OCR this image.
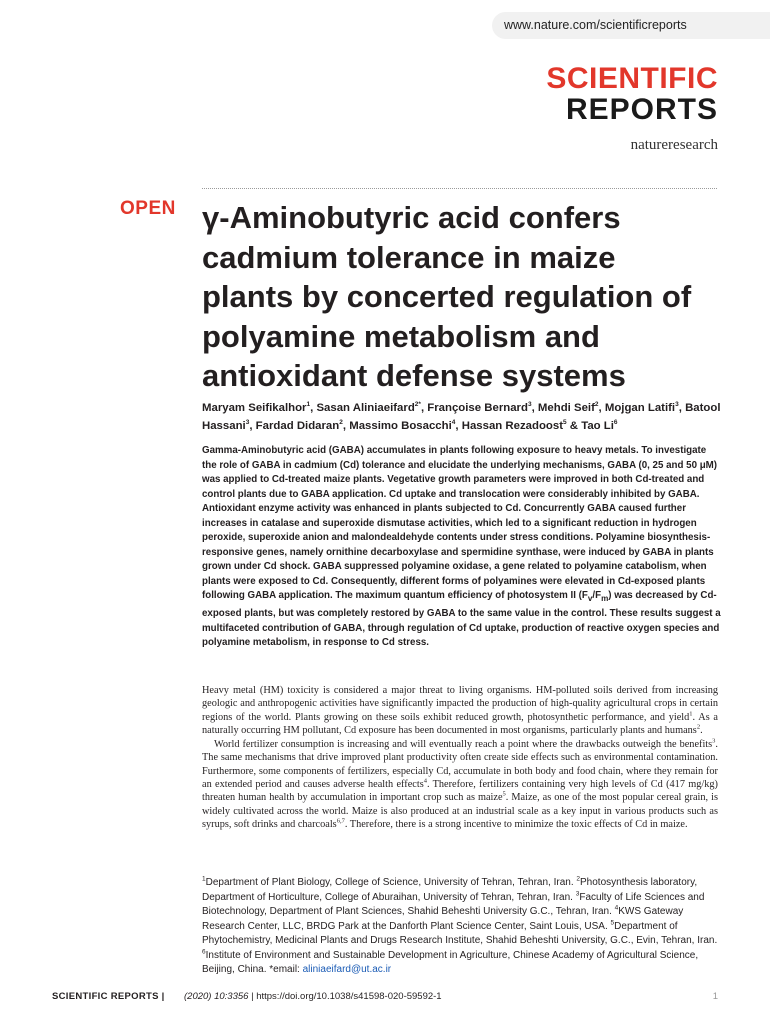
www.nature.com/scientificreports
SCIENTIFIC
REPORTS
natureresearch
OPEN γ-Aminobutyric acid confers cadmium tolerance in maize plants by concerted regulation of polyamine metabolism and antioxidant defense systems
Maryam Seifikalhor$^1$, Sasan Aliniaeifard$^{2*}$, Françoise Bernard$^3$, Mehdi Seif$^2$, Mojgan Latifi$^3$, Batool Hassani$^3$, Fardad Didaran$^2$, Massimo Bosacchi$^4$, Hassan Rezadoost$^5$ & Tao Li$^6$

Gamma-Aminobutyric acid (GABA) accumulates in plants following exposure to heavy metals. To investigate the role of GABA in cadmium (Cd) tolerance and elucidate the underlying mechanisms, GABA (0, 25 and 50 μM) was applied to Cd-treated maize plants. Vegetative growth parameters were improved in both Cd-treated and control plants due to GABA application. Cd uptake and translocation were considerably inhibited by GABA. Antioxidant enzyme activity was enhanced in plants subjected to Cd. Concurrently GABA caused further increases in catalase and superoxide dismutase activities, which led to a significant reduction in hydrogen peroxide, superoxide anion and malondealdehyde contents under stress conditions. Polyamine biosynthesis-responsive genes, namely ornithine decarboxylase and spermidine synthase, were induced by GABA in plants grown under Cd shock. GABA suppressed polyamine oxidase, a gene related to polyamine catabolism, when plants were exposed to Cd. Consequently, different forms of polyamines were elevated in Cd-exposed plants following GABA application. The maximum quantum efficiency of photosystem II $(F_v/F_m)$ was decreased by Cd-exposed plants, but was completely restored by GABA to the same value in the control. These results suggest a multifaceted contribution of GABA, through regulation of Cd uptake, production of reactive oxygen species and polyamine metabolism, in response to Cd stress.

Heavy metal (HM) toxicity is considered a major threat to living organisms. HM-polluted soils derived from increasing geologic and anthropogenic activities have significantly impacted the production of high-quality agricultural crops in certain regions of the world. Plants growing on these soils exhibit reduced growth, photosynthetic performance, and yield$^1$. As a naturally occurring HM pollutant, Cd exposure has been documented in most organisms, particularly plants and humans$^2$.

World fertilizer consumption is increasing and will eventually reach a point where the drawbacks outweigh the benefits$^3$. The same mechanisms that drive improved plant productivity often create side effects such as environmental contamination. Furthermore, some components of fertilizers, especially Cd, accumulate in both body and food chain, where they remain for an extended period and causes adverse health effects$^4$. Therefore, fertilizers containing very high levels of Cd (417 mg/kg) threaten human health by accumulation in important crop such as maize$^5$. Maize, as one of the most popular cereal grain, is widely cultivated across the world. Maize is also produced at an industrial scale as a key input in various products such as syrups, soft drinks and charcoals$^{6,7}$. Therefore, there is a strong incentive to minimize the toxic effects of Cd in maize.

$^1$Department of Plant Biology, College of Science, University of Tehran, Tehran, Iran. $^2$Photosynthesis laboratory, Department of Horticulture, College of Aburaihan, University of Tehran, Tehran, Iran. $^3$Faculty of Life Sciences and Biotechnology, Department of Plant Sciences, Shahid Beheshti University G.C., Tehran, Iran. $^4$KWS Gateway Research Center, LLC, BRDG Park at the Danforth Plant Science Center, Saint Louis, USA. $^5$Department of Phytochemistry, Medicinal Plants and Drugs Research Institute, Shahid Beheshti University, G.C., Evin, Tehran, Iran. $^6$Institute of Environment and Sustainable Development in Agriculture, Chinese Academy of Agricultural Science, Beijing, China. *email: aliniaeifard@ut.ac.ir

SCIENTIFIC REPORTS | (2020) 10:3356 | https://doi.org/10.1038/s41598-020-59592-1	1
